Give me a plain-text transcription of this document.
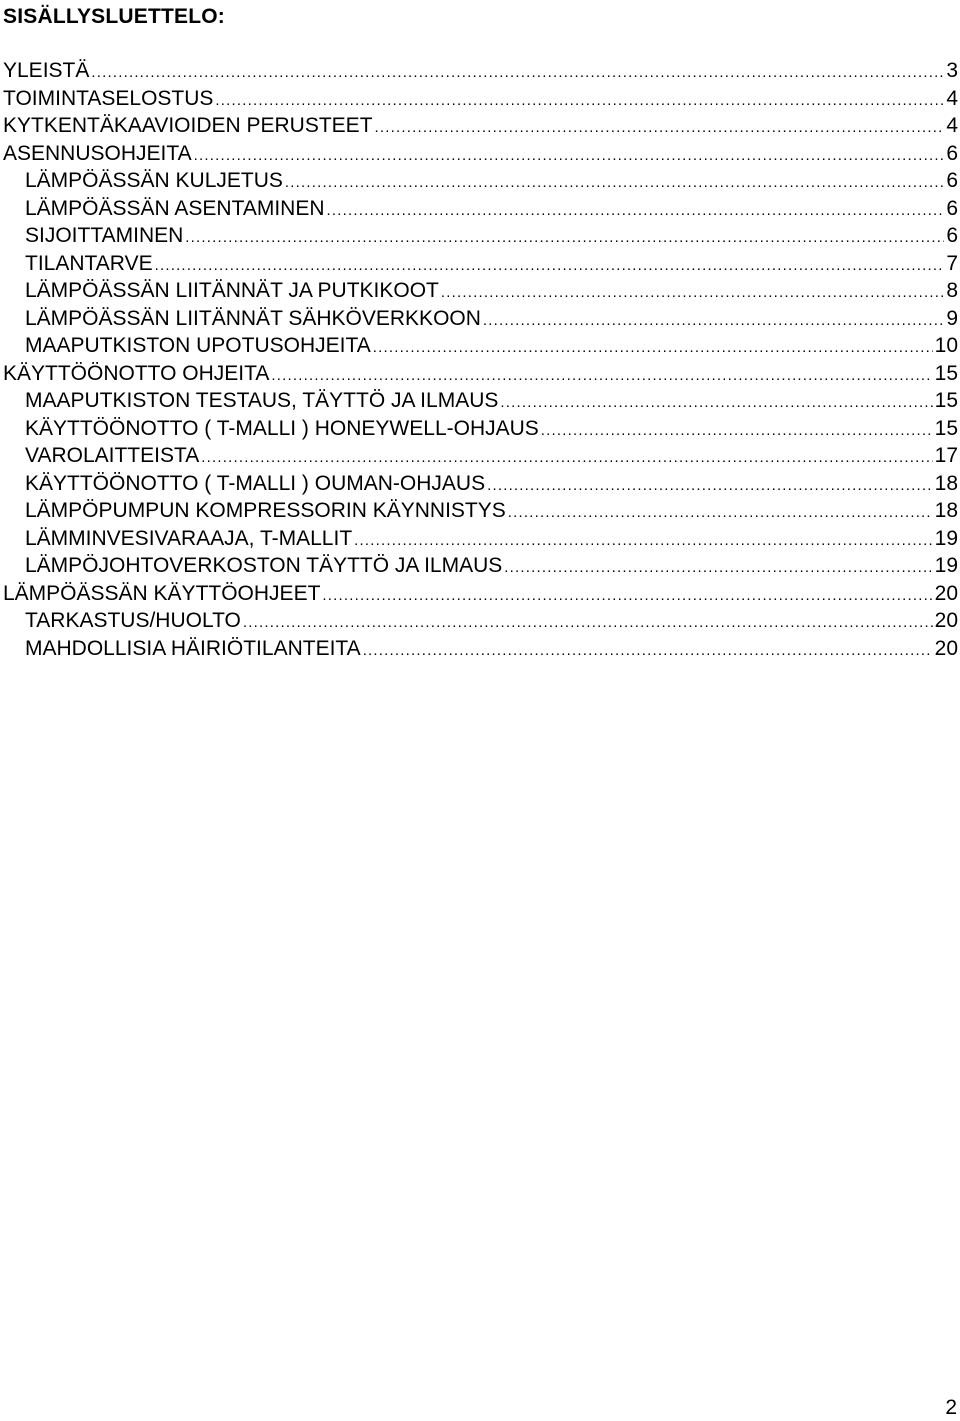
SISÄLLYSLUETTELO:
YLEISTÄ .....	3
TOIMINTASELOSTUS .....	4
KYTKENTÄKAAVIOIDEN PERUSTEET .....	4
ASENNUSOHJEITA .....	6
LÄMPÖÄSSÄN KULJETUS .....	6
LÄMPÖÄSSÄN ASENTAMINEN .....	6
SIJOITTAMINEN .....	6
TILANTARVE .....	7
LÄMPÖÄSSÄN LIITÄNNÄT JA PUTKIKOOT .....	8
LÄMPÖÄSSÄN LIITÄNNÄT SÄHKÖVERKKOON .....	9
MAAPUTKISTON UPOTUSOHJEITA .....	10
KÄYTTÖÖNOTTO OHJEITA .....	15
MAAPUTKISTON TESTAUS, TÄYTTÖ JA ILMAUS .....	15
KÄYTTÖÖNOTTO ( T-MALLI ) HONEYWELL-OHJAUS .....	15
VAROLAITTEISTA .....	17
KÄYTTÖÖNOTTO ( T-MALLI ) OUMAN-OHJAUS .....	18
LÄMPÖPUMPUN KOMPRESSORIN KÄYNNISTYS .....	18
LÄMMINVESIVARAAJA, T-MALLIT .....	19
LÄMPÖJOHTOVERKOSTON TÄYTTÖ JA ILMAUS .....	19
LÄMPÖÄSSÄN KÄYTTÖOHJEET .....	20
TARKASTUS/HUOLTO .....	20
MAHDOLLISIA HÄIRIÖTILANTEITA .....	20
2
